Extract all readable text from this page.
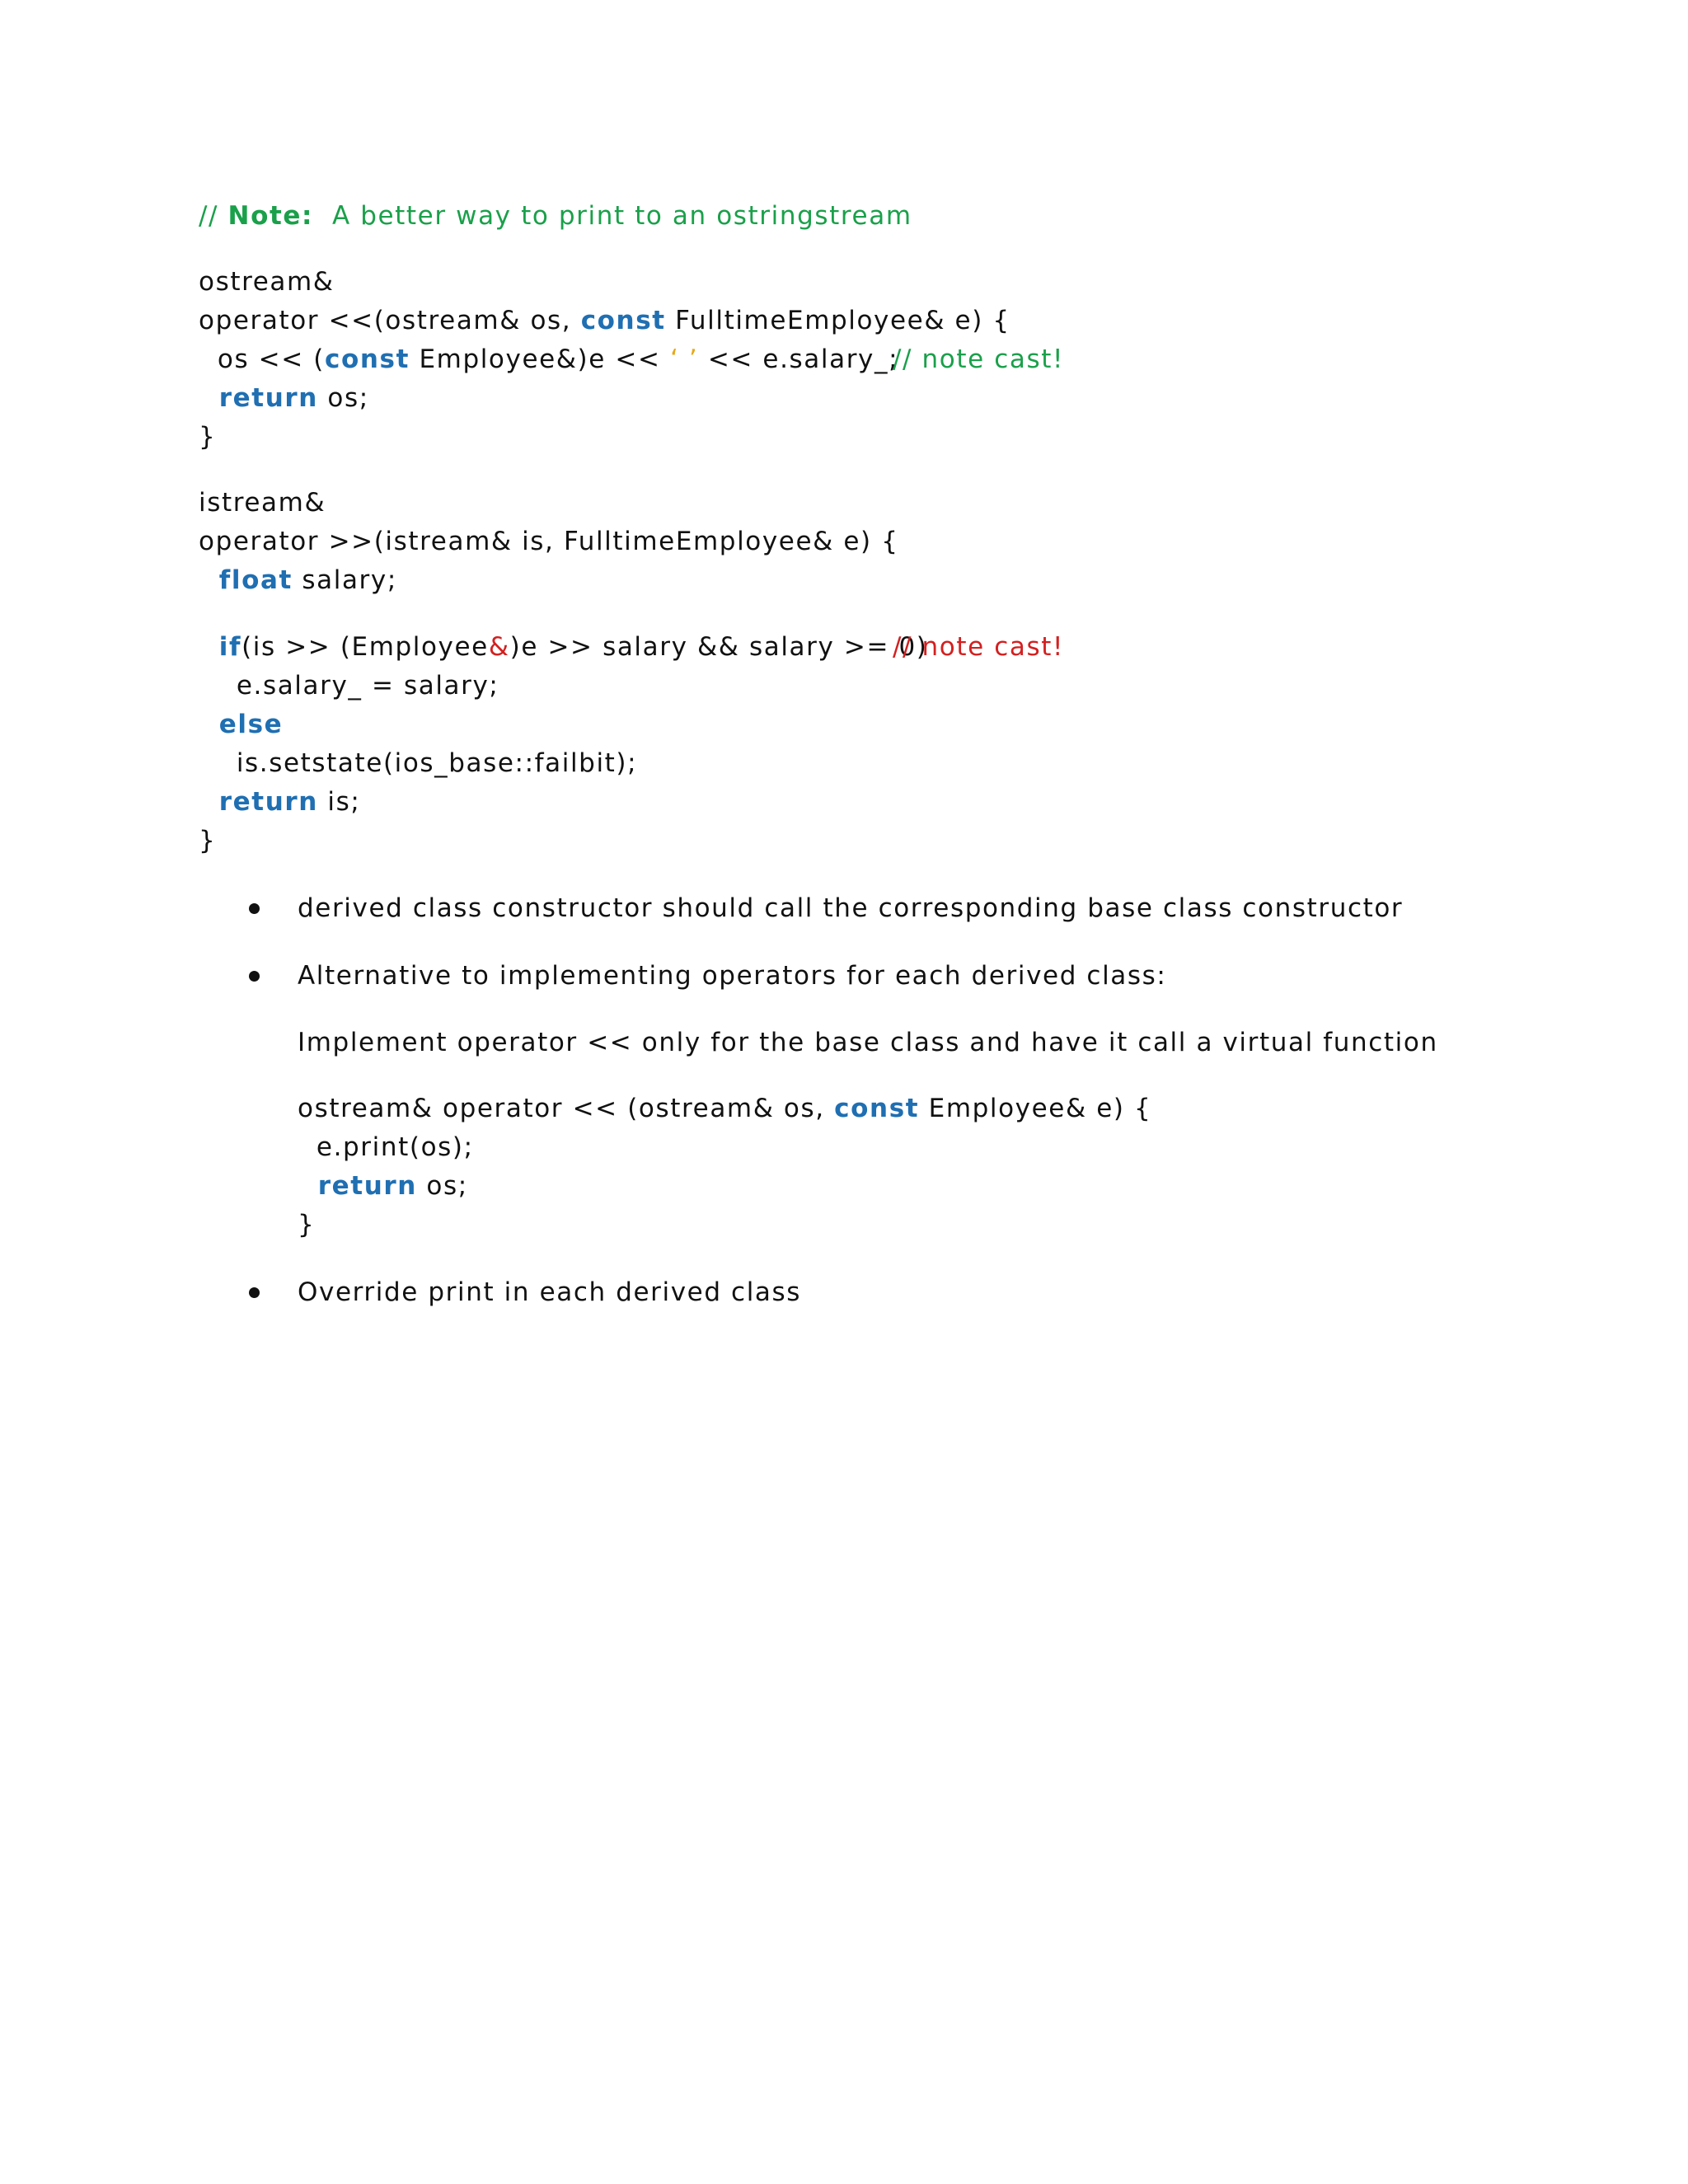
// Note:  A better way to print to an ostringstream
ostream&
operator <<(ostream& os, const FulltimeEmployee& e) {
os << (const Employee&)e << ‘ ’ << e.salary_;
// note cast!
return os;
}
istream&
operator >>(istream& is, FulltimeEmployee& e) {
float salary;
if(is >> (Employee&)e >> salary && salary >= 0)
// note cast!
e.salary_ = salary;
else
is.setstate(ios_base::failbit);
return is;
}
derived class constructor should call the corresponding base class constructor
Alternative to implementing operators for each derived class:
Implement operator << only for the base class and have it call a virtual function
ostream& operator << (ostream& os, const Employee& e) {
e.print(os);
return os;
}
Override print in each derived class
